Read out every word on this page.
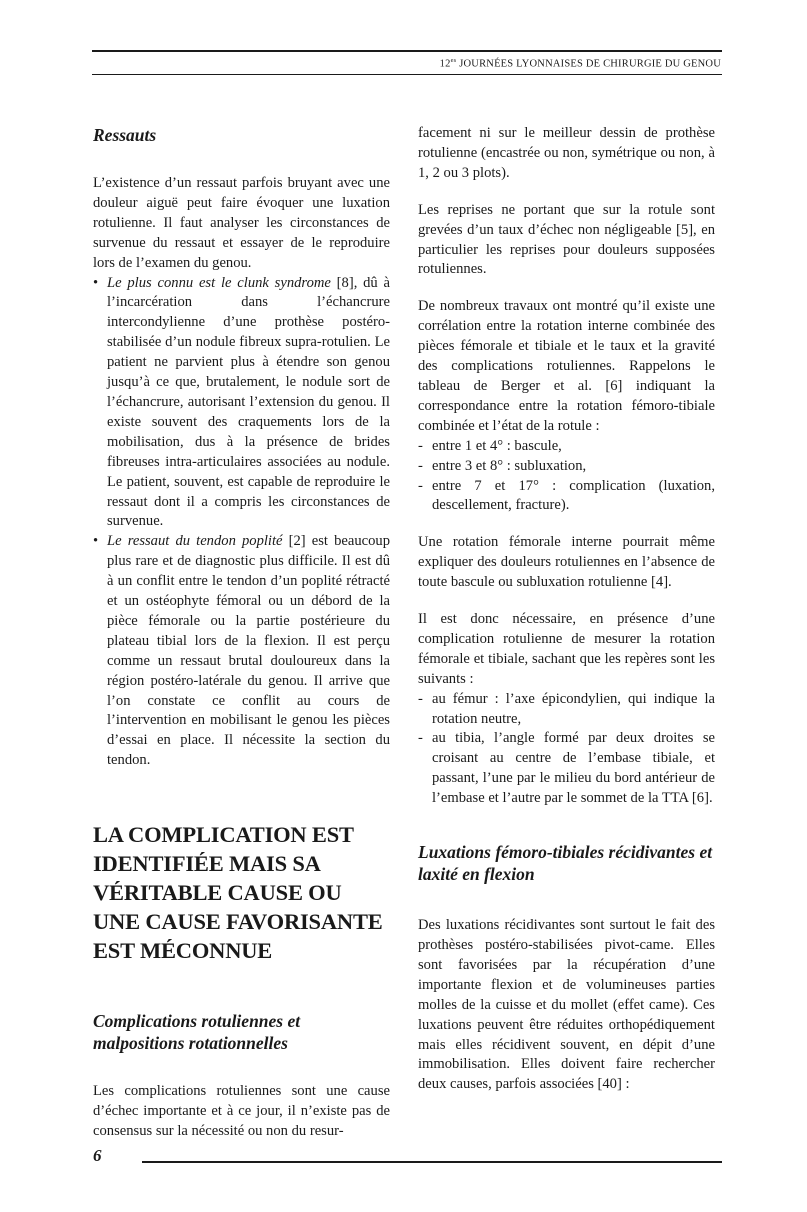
$12^{es}$ JOURNÉES LYONNAISES DE CHIRURGIE DU GENOU

Ressauts

L’existence d’un ressaut parfois bruyant avec une douleur aiguë peut faire évoquer une luxation rotulienne. Il faut analyser les circonstances de survenue du ressaut et essayer de le reproduire lors de l’examen du genou.

• Le plus connu est le clunk syndrome [8], dû à l’incarcération dans l’échancrure intercondylienne d’une prothèse postéro-stabilisée d’un nodule fibreux supra-rotulien. Le patient ne parvient plus à étendre son genou jusqu’à ce que, brutalement, le nodule sort de l’échancrure, autorisant l’extension du genou. Il existe souvent des craquements lors de la mobilisation, dus à la présence de brides fibreuses intra-articulaires associées au nodule. Le patient, souvent, est capable de reproduire le ressaut dont il a compris les circonstances de survenue.
• Le ressaut du tendon poplité [2] est beaucoup plus rare et de diagnostic plus difficile. Il est dû à un conflit entre le tendon d’un poplité rétracté et un ostéophyte fémoral ou un débord de la pièce fémorale ou la partie postérieure du plateau tibial lors de la flexion. Il est perçu comme un ressaut brutal douloureux dans la région postéro-latérale du genou. Il arrive que l’on constate ce conflit au cours de l’intervention en mobilisant le genou les pièces d’essai en place. Il nécessite la section du tendon.

LA COMPLICATION EST IDENTIFIÉE MAIS SA VÉRITABLE CAUSE OU UNE CAUSE FAVORISANTE EST MÉCONNUE

Complications rotuliennes et malpositions rotationnelles

Les complications rotuliennes sont une cause d’échec importante et à ce jour, il n’existe pas de consensus sur la nécessité ou non du resur-

facement ni sur le meilleur dessin de prothèse rotulienne (encastrée ou non, symétrique ou non, à 1, 2 ou 3 plots).

Les reprises ne portant que sur la rotule sont grevées d’un taux d’échec non négligeable [5], en particulier les reprises pour douleurs supposées rotuliennes.

De nombreux travaux ont montré qu’il existe une corrélation entre la rotation interne combinée des pièces fémorale et tibiale et le taux et la gravité des complications rotuliennes. Rappelons le tableau de Berger et al. [6] indiquant la correspondance entre la rotation fémoro-tibiale combinée et l’état de la rotule :

- entre 1 et 4° : bascule,
- entre 3 et 8° : subluxation,
- entre 7 et 17° : complication (luxation, descellement, fracture).

Une rotation fémorale interne pourrait même expliquer des douleurs rotuliennes en l’absence de toute bascule ou subluxation rotulienne [4].

Il est donc nécessaire, en présence d’une complication rotulienne de mesurer la rotation fémorale et tibiale, sachant que les repères sont les suivants :

- au fémur : l’axe épicondylien, qui indique la rotation neutre,
- au tibia, l’angle formé par deux droites se croisant au centre de l’embase tibiale, et passant, l’une par le milieu du bord antérieur de l’embase et l’autre par le sommet de la TTA [6].

Luxations fémoro-tibiales récidivantes et laxité en flexion

Des luxations récidivantes sont surtout le fait des prothèses postéro-stabilisées pivot-came. Elles sont favorisées par la récupération d’une importante flexion et de volumineuses parties molles de la cuisse et du mollet (effet came). Ces luxations peuvent être réduites orthopédiquement mais elles récidivent souvent, en dépit d’une immobilisation. Elles doivent faire rechercher deux causes, parfois associées [40] :

6
